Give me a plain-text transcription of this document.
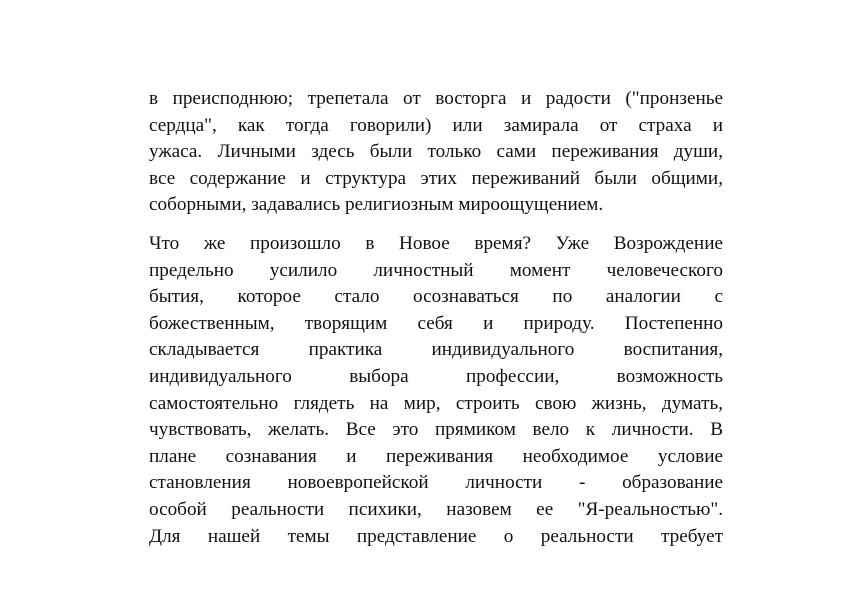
в преисподнюю; трепетала от восторга и радости ("пронзенье
сердца", как тогда говорили) или замирала от страха и
ужаса. Личными здесь были только сами переживания души,
все содержание и структура этих переживаний были общими,
соборными, задавались религиозным мироощущением.
Что же произошло в Новое время? Уже Возрождение
предельно усилило личностный момент человеческого
бытия, которое стало осознаваться по аналогии с
божественным, творящим себя и природу. Постепенно
складывается практика индивидуального воспитания,
индивидуального выбора профессии, возможность
самостоятельно глядеть на мир, строить свою жизнь, думать,
чувствовать, желать. Все это прямиком вело к личности. В
плане сознавания и переживания необходимое условие
становления новоевропейской личности - образование
особой реальности психики, назовем ее "Я-реальностью".
Для нашей темы представление о реальности требует
